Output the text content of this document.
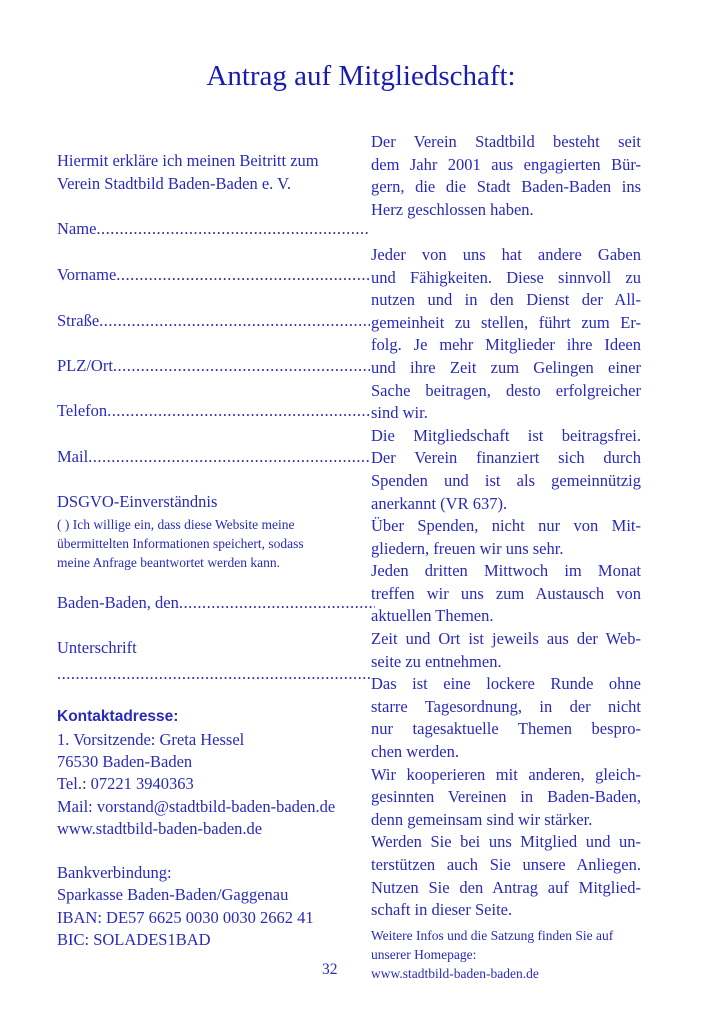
Antrag auf Mitgliedschaft:
Hiermit erkläre ich meinen Beitritt zum
Verein Stadtbild Baden-Baden e. V.
Name
.....
Vorname
.....
Straße
.....
PLZ/Ort
.....
Telefon
.....
Mail
.....
DSGVO-Einverständnis
( ) Ich willige ein, dass diese Website meine
übermittelten Informationen speichert, sodass
meine Anfrage beantwortet werden kann.
Baden-Baden, den
.....
Unterschrift
.....
Kontaktadresse:
1. Vorsitzende: Greta Hessel
76530 Baden-Baden
Tel.: 07221 3940363
Mail: vorstand@stadtbild-baden-baden.de
www.stadtbild-baden-baden.de
Bankverbindung:
Sparkasse Baden-Baden/Gaggenau
IBAN: DE57 6625 0030 0030 2662 41
BIC: SOLADES1BAD
32
Der Verein Stadtbild besteht seit
dem Jahr 2001 aus engagierten Bür-
gern, die die Stadt Baden-Baden ins
Herz geschlossen haben.
Jeder von uns hat andere Gaben
und Fähigkeiten. Diese sinnvoll zu
nutzen und in den Dienst der All-
gemeinheit zu stellen, führt zum Er-
folg. Je mehr Mitglieder ihre Ideen
und ihre Zeit zum Gelingen einer
Sache beitragen, desto erfolgreicher
sind wir.
Die Mitgliedschaft ist beitragsfrei.
Der Verein finanziert sich durch
Spenden und ist als gemeinnützig
anerkannt (VR 637).
Über Spenden, nicht nur von Mit-
gliedern, freuen wir uns sehr.
Jeden dritten Mittwoch im Monat
treffen wir uns zum Austausch von
aktuellen Themen.
Zeit und Ort ist jeweils aus der Web-
seite zu entnehmen.
Das ist eine lockere Runde ohne
starre Tagesordnung, in der nicht
nur tagesaktuelle Themen bespro-
chen werden.
Wir kooperieren mit anderen, gleich-
gesinnten Vereinen in Baden-Baden,
denn gemeinsam sind wir stärker.
Werden Sie bei uns Mitglied und un-
terstützen auch Sie unsere Anliegen.
Nutzen Sie den Antrag auf Mitglied-
schaft in dieser Seite.
Weitere Infos und die Satzung finden Sie auf
unserer Homepage:
www.stadtbild-baden-baden.de
